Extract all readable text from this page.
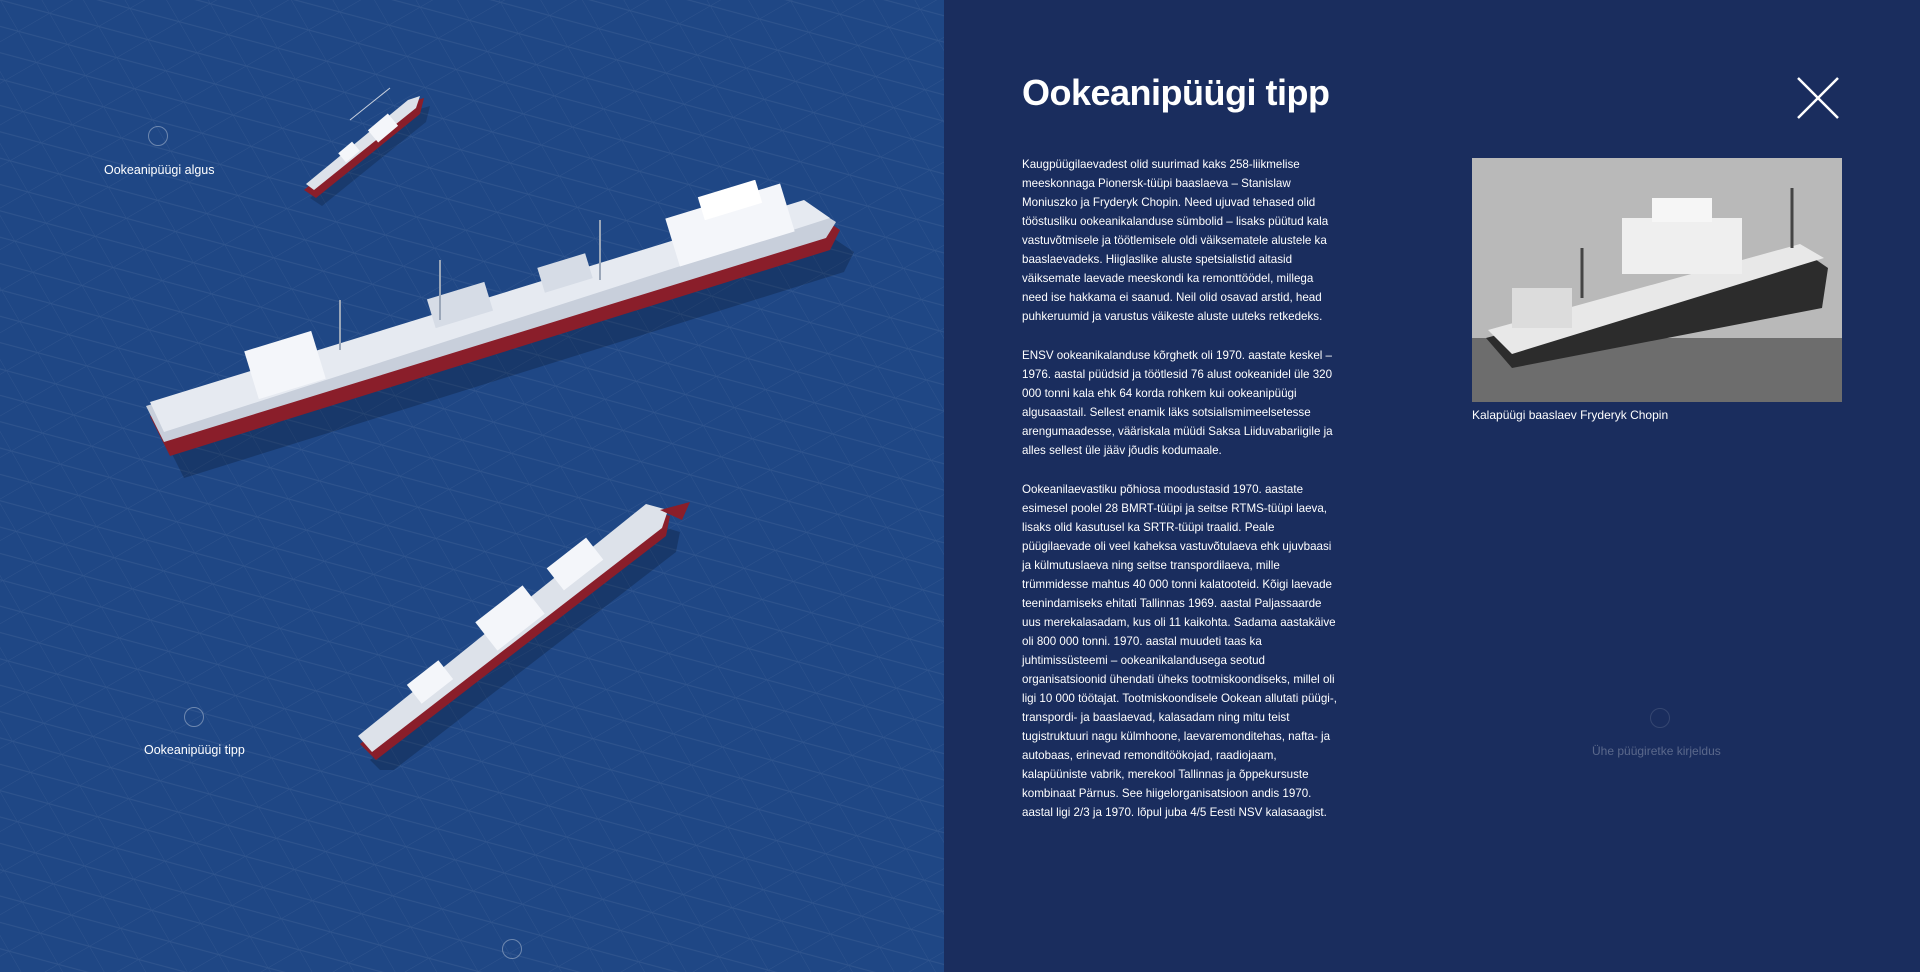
Ookeanipüügi algus
Ookeanipüügi tipp
Ookeanipüügi tipp

Kaugpüügilaevadest olid suurimad kaks 258-liikmelise meeskonnaga Pionersk-tüüpi baaslaeva – Stanislaw Moniuszko ja Fryderyk Chopin. Need ujuvad tehased olid tööstusliku ookeanikalanduse sümbolid – lisaks püütud kala vastuvõtmisele ja töötlemisele oldi väiksematele alustele ka baaslaevadeks. Hiiglaslike aluste spetsialistid aitasid väiksemate laevade meeskondi ka remonttöödel, millega need ise hakkama ei saanud. Neil olid osavad arstid, head puhkeruumid ja varustus väikeste aluste uuteks retkedeks.

ENSV ookeanikalanduse kõrghetk oli 1970. aastate keskel – 1976. aastal püüdsid ja töötlesid 76 alust ookeanidel üle 320 000 tonni kala ehk 64 korda rohkem kui ookeanipüügi algusaastail. Sellest enamik läks sotsialismimeelsetesse arengumaadesse, vääriskala müüdi Saksa Liiduvabariigile ja alles sellest üle jääv jõudis kodumaale.

Ookeanilaevastiku põhiosa moodustasid 1970. aastate esimesel poolel 28 BMRT-tüüpi ja seitse RTMS-tüüpi laeva, lisaks olid kasutusel ka SRTR-tüüpi traalid. Peale püügilaevade oli veel kaheksa vastuvõtulaeva ehk ujuvbaasi ja külmutuslaeva ning seitse transpordilaeva, mille trümmidesse mahtus 40 000 tonni kalatooteid. Kõigi laevade teenindamiseks ehitati Tallinnas 1969. aastal Paljassaarde uus merekalasadam, kus oli 11 kaikohta. Sadama aastakäive oli 800 000 tonni. 1970. aastal muudeti taas ka juhtimissüsteemi – ookeanikalandusega seotud organisatsioonid ühendati üheks tootmiskoondiseks, millel oli ligi 10 000 töötajat. Tootmiskoondisele Ookean allutati püügi-, transpordi- ja baaslaevad, kalasadam ning mitu teist tugistruktuuri nagu külmhoone, laevaremonditehas, nafta- ja autobaas, erinevad remonditöökojad, raadiojaam, kalapüüniste vabrik, merekool Tallinnas ja õppekursuste kombinaat Pärnus. See hiigelorganisatsioon andis 1970. aastal ligi 2/3 ja 1970. lõpul juba 4/5 Eesti NSV kalasaagist.

Kalapüügi baaslaev Fryderyk Chopin
Ühe püügiretke kirjeldus
